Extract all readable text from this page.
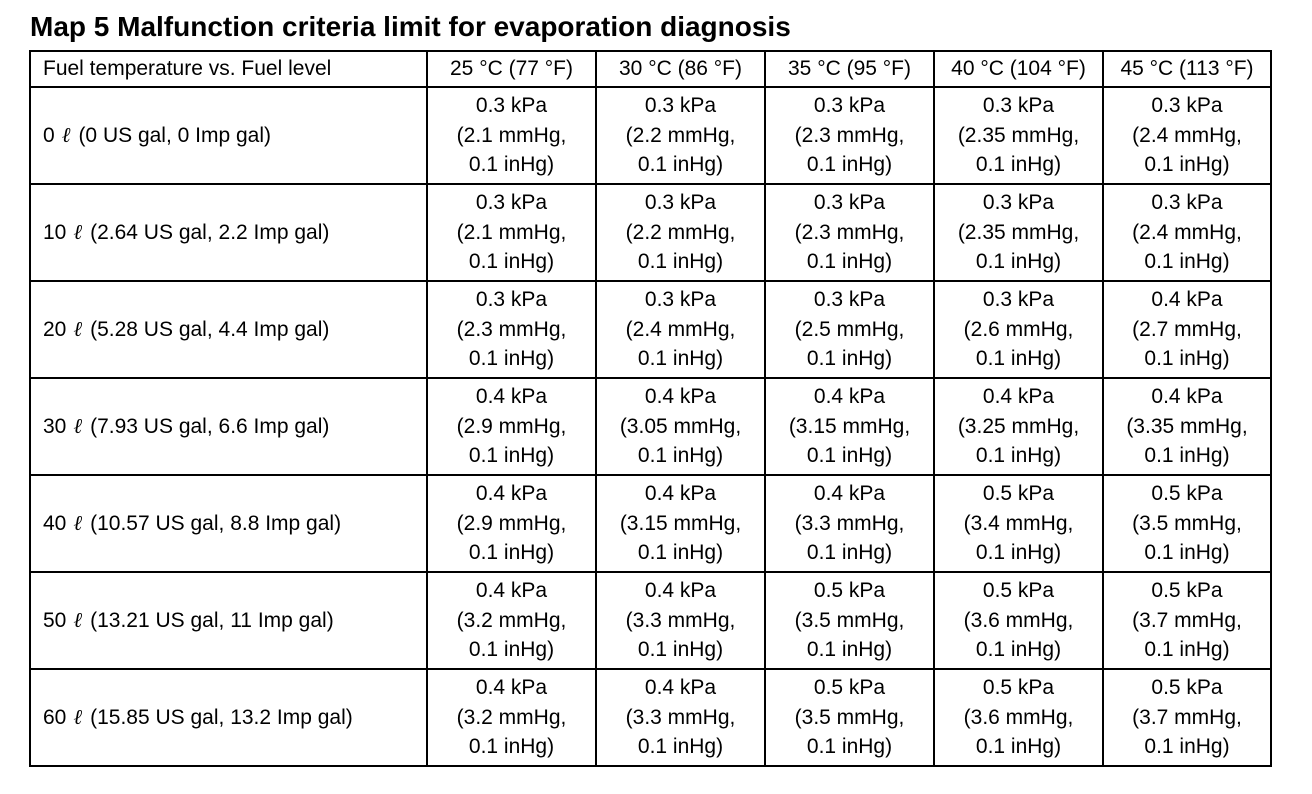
Map 5 Malfunction criteria limit for evaporation diagnosis
Fuel temperature vs. Fuel level	25 °C (77 °F)	30 °C (86 °F)	35 °C (95 °F)	40 °C (104 °F)	45 °C (113 °F)
0 ℓ (0 US gal, 0 Imp gal)	0.3 kPa
(2.1 mmHg,
0.1 inHg)	0.3 kPa
(2.2 mmHg,
0.1 inHg)	0.3 kPa
(2.3 mmHg,
0.1 inHg)	0.3 kPa
(2.35 mmHg,
0.1 inHg)	0.3 kPa
(2.4 mmHg,
0.1 inHg)

10 ℓ (2.64 US gal, 2.2 Imp gal)	0.3 kPa
(2.1 mmHg,
0.1 inHg)	0.3 kPa
(2.2 mmHg,
0.1 inHg)	0.3 kPa
(2.3 mmHg,
0.1 inHg)	0.3 kPa
(2.35 mmHg,
0.1 inHg)	0.3 kPa
(2.4 mmHg,
0.1 inHg)

20 ℓ (5.28 US gal, 4.4 Imp gal)	0.3 kPa
(2.3 mmHg,
0.1 inHg)	0.3 kPa
(2.4 mmHg,
0.1 inHg)	0.3 kPa
(2.5 mmHg,
0.1 inHg)	0.3 kPa
(2.6 mmHg,
0.1 inHg)	0.4 kPa
(2.7 mmHg,
0.1 inHg)

30 ℓ (7.93 US gal, 6.6 Imp gal)	0.4 kPa
(2.9 mmHg,
0.1 inHg)	0.4 kPa
(3.05 mmHg,
0.1 inHg)	0.4 kPa
(3.15 mmHg,
0.1 inHg)	0.4 kPa
(3.25 mmHg,
0.1 inHg)	0.4 kPa
(3.35 mmHg,
0.1 inHg)

40 ℓ (10.57 US gal, 8.8 Imp gal)	0.4 kPa
(2.9 mmHg,
0.1 inHg)	0.4 kPa
(3.15 mmHg,
0.1 inHg)	0.4 kPa
(3.3 mmHg,
0.1 inHg)	0.5 kPa
(3.4 mmHg,
0.1 inHg)	0.5 kPa
(3.5 mmHg,
0.1 inHg)

50 ℓ (13.21 US gal, 11 Imp gal)	0.4 kPa
(3.2 mmHg,
0.1 inHg)	0.4 kPa
(3.3 mmHg,
0.1 inHg)	0.5 kPa
(3.5 mmHg,
0.1 inHg)	0.5 kPa
(3.6 mmHg,
0.1 inHg)	0.5 kPa
(3.7 mmHg,
0.1 inHg)

60 ℓ (15.85 US gal, 13.2 Imp gal)	0.4 kPa
(3.2 mmHg,
0.1 inHg)	0.4 kPa
(3.3 mmHg,
0.1 inHg)	0.5 kPa
(3.5 mmHg,
0.1 inHg)	0.5 kPa
(3.6 mmHg,
0.1 inHg)	0.5 kPa
(3.7 mmHg,
0.1 inHg)
